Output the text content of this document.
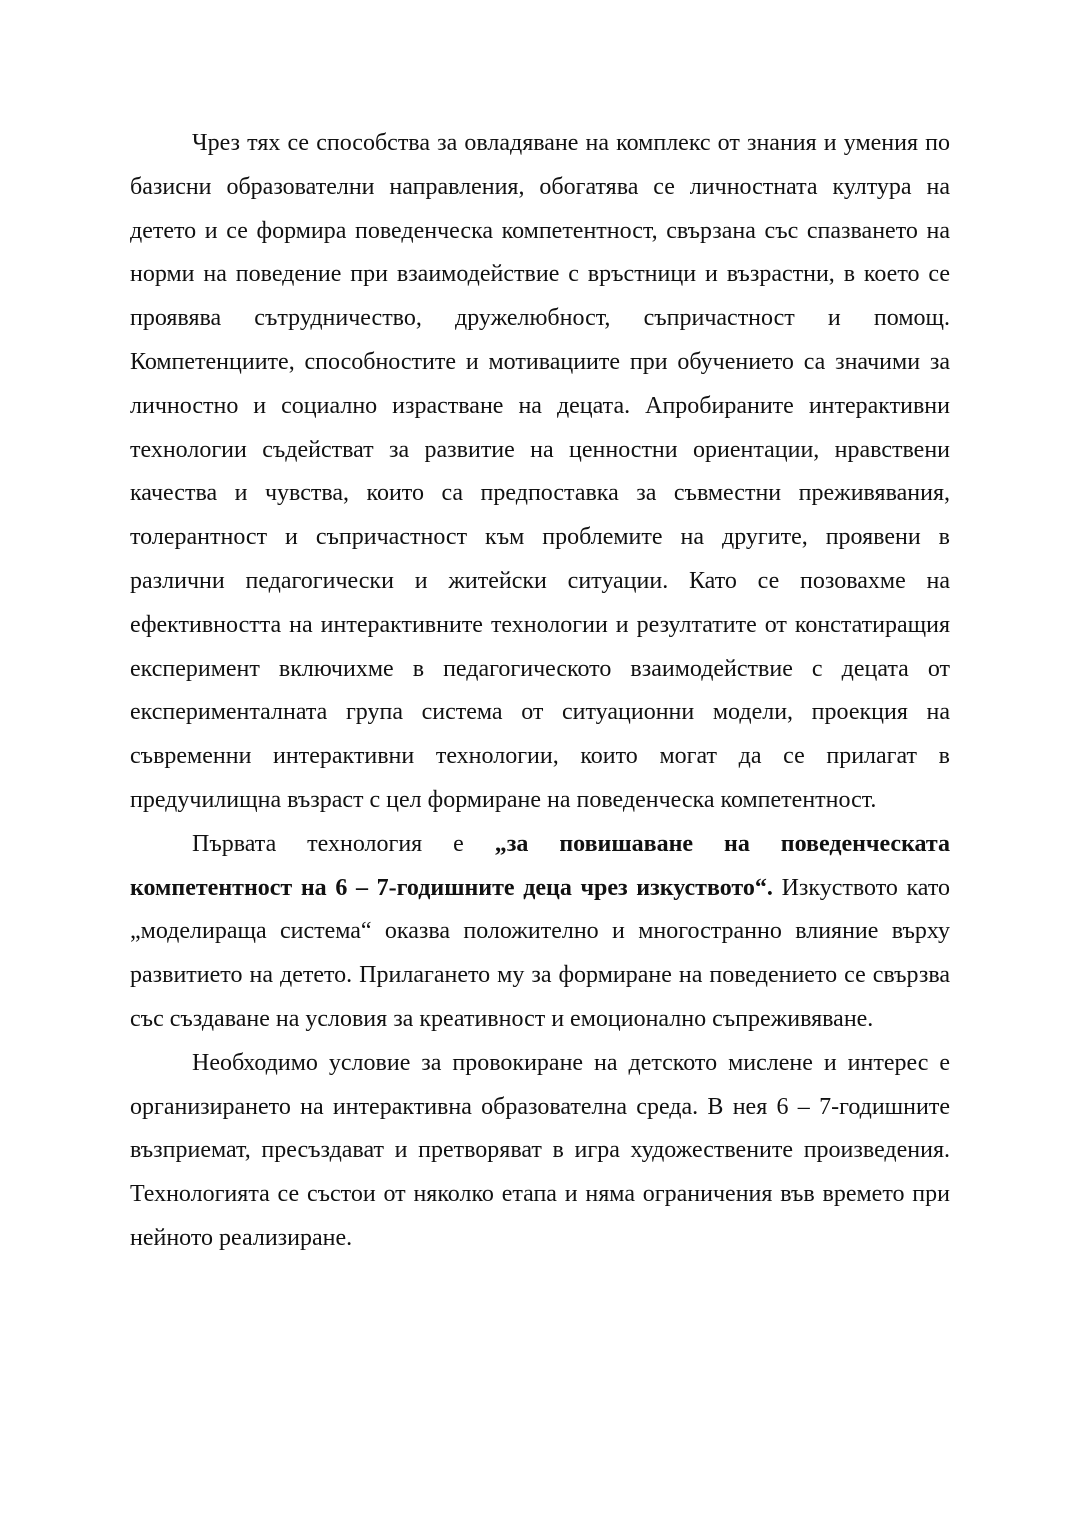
Чрез тях се способства за овладяване на комплекс от знания и умения по базисни образователни направления, обогатява се личностната култура на детето и се формира поведенческа компетентност, свързана със спазването на норми на поведение при взаимодействие с връстници и възрастни, в което се проявява сътрудничество, дружелюбност, съпричастност и помощ. Компетенциите, способностите и мотивациите при обучението са значими за личностно и социално израстване на децата. Апробираните интерактивни технологии съдействат за развитие на ценностни ориентации, нравствени качества и чувства, които са предпоставка за съвместни преживявания, толерантност и съпричастност към проблемите на другите, проявени в различни педагогически и житейски ситуации. Като се позовахме на ефективността на интерактивните технологии и резултатите от констатиращия експеримент включихме в педагогическото взаимодействие с децата от експерименталната група система от ситуационни модели, проекция на съвременни интерактивни технологии, които могат да се прилагат в предучилищна възраст с цел формиране на поведенческа компетентност.

Първата технология е „за повишаване на поведенческата компетентност на 6 – 7-годишните деца чрез изкуството“. Изкуството като „моделираща система“ оказва положително и многостранно влияние върху развитието на детето. Прилагането му за формиране на поведението се свързва със създаване на условия за креативност и емоционално съпреживяване.

Необходимо условие за провокиране на детското мислене и интерес е организирането на интерактивна образователна среда. В нея 6 – 7-годишните възприемат, пресъздават и претворяват в игра художествените произведения. Технологията се състои от няколко етапа и няма ограничения във времето при нейното реализиране.
